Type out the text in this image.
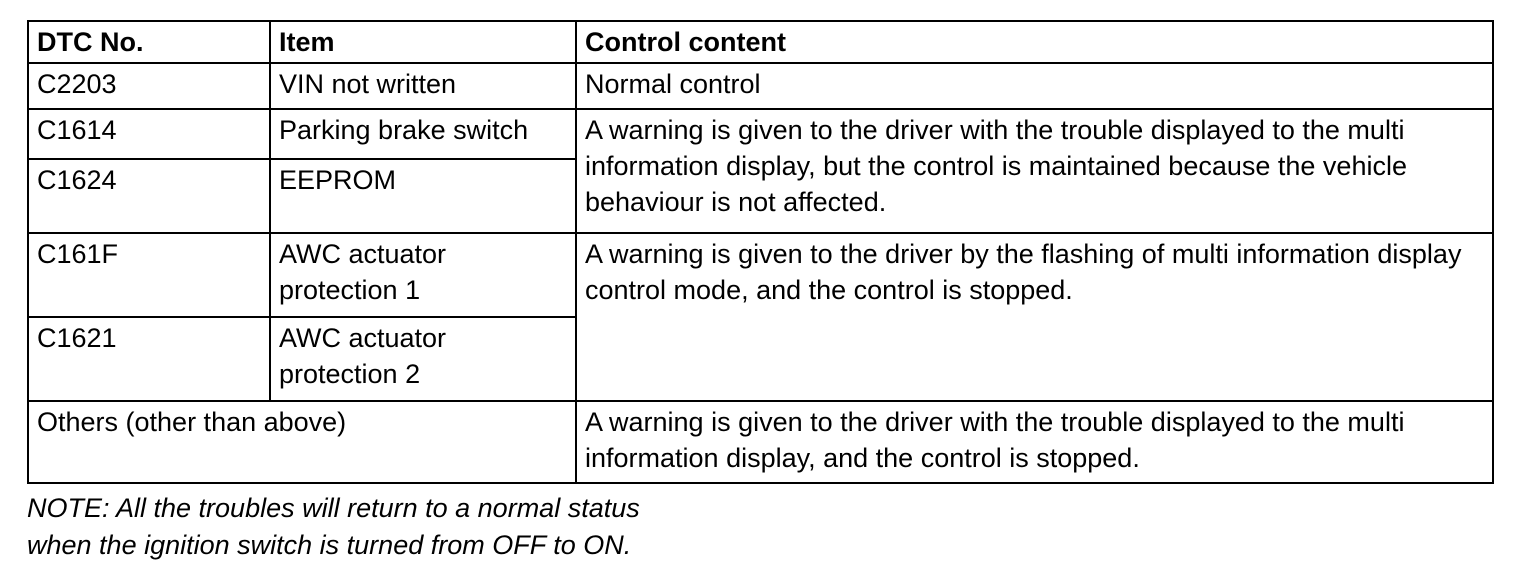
DTC No.	Item	Control content
C2203	VIN not written	Normal control
C1614	Parking brake switch	A warning is given to the driver with the trouble displayed to the multi information display, but the control is maintained because the vehicle behaviour is not affected.
C1624	EEPROM	
C161F	AWC actuator protection 1	A warning is given to the driver by the flashing of multi information display control mode, and the control is stopped.
C1621	AWC actuator protection 2	
Others (other than above)		A warning is given to the driver with the trouble displayed to the multi information display, and the control is stopped.

NOTE: All the troubles will return to a normal status
when the ignition switch is turned from OFF to ON.
